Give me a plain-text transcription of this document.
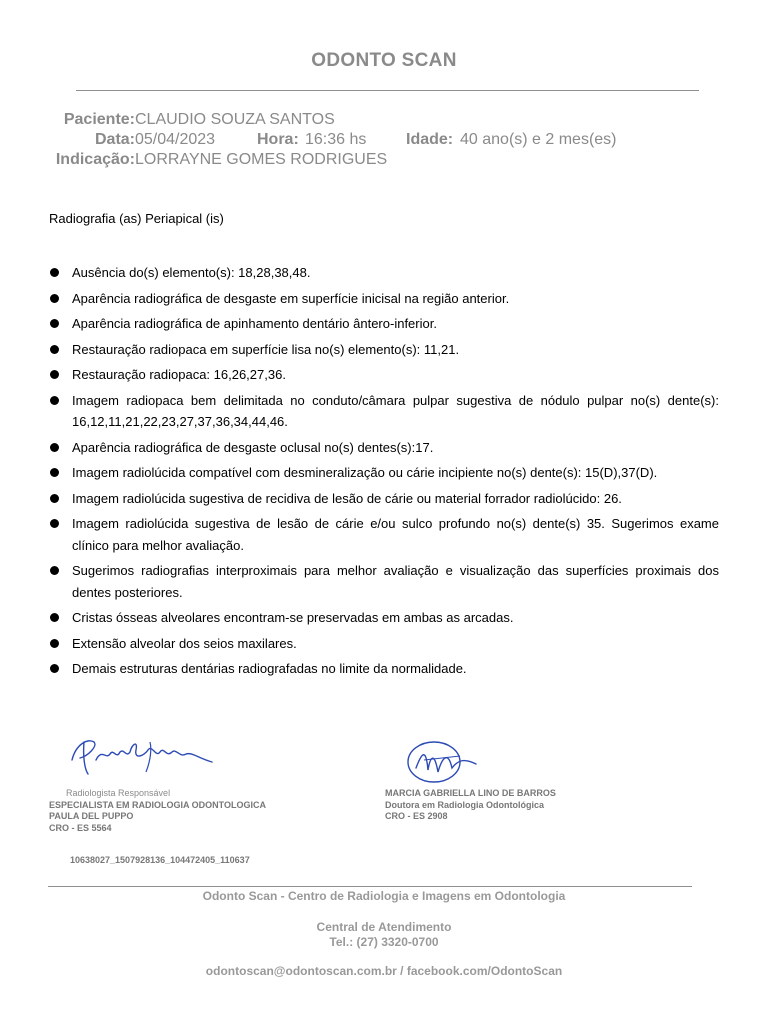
ODONTO SCAN
Paciente: CLAUDIO SOUZA SANTOS
Data: 05/04/2023	Hora: 16:36 hs Idade: 40 ano(s) e 2 mes(es)
Indicação: LORRAYNE GOMES RODRIGUES
Radiografia (as) Periapical (is)
Ausência do(s) elemento(s): 18,28,38,48.
Aparência radiográfica de desgaste em superfície inicisal na região anterior.
Aparência radiográfica de apinhamento dentário ântero-inferior.
Restauração radiopaca em superfície lisa no(s) elemento(s): 11,21.
Restauração radiopaca: 16,26,27,36.
Imagem radiopaca bem delimitada no conduto/câmara pulpar sugestiva de nódulo pulpar no(s) dente(s): 16,12,11,21,22,23,27,37,36,34,44,46.
Aparência radiográfica de desgaste oclusal no(s) dentes(s):17.
Imagem radiolúcida compatível com desmineralização ou cárie incipiente no(s) dente(s): 15(D),37(D).
Imagem radiolúcida sugestiva de recidiva de lesão de cárie ou material forrador radiolúcido: 26.
Imagem radiolúcida sugestiva de lesão de cárie e/ou sulco profundo no(s) dente(s) 35. Sugerimos exame clínico para melhor avaliação.
Sugerimos radiografias interproximais para melhor avaliação e visualização das superfícies proximais dos dentes posteriores.
Cristas ósseas alveolares encontram-se preservadas em ambas as arcadas.
Extensão alveolar dos seios maxilares.
Demais estruturas dentárias radiografadas no limite da normalidade.
Radiologista Responsável
ESPECIALISTA EM RADIOLOGIA ODONTOLOGICA
PAULA DEL PUPPO
CRO - ES 5564
MARCIA GABRIELLA LINO DE BARROS
Doutora em Radiologia Odontológica
CRO - ES 2908
10638027_1507928136_104472405_110637
Odonto Scan - Centro de Radiologia e Imagens em Odontologia
Central de Atendimento
Tel.: (27) 3320-0700
odontoscan@odontoscan.com.br / facebook.com/OdontoScan
